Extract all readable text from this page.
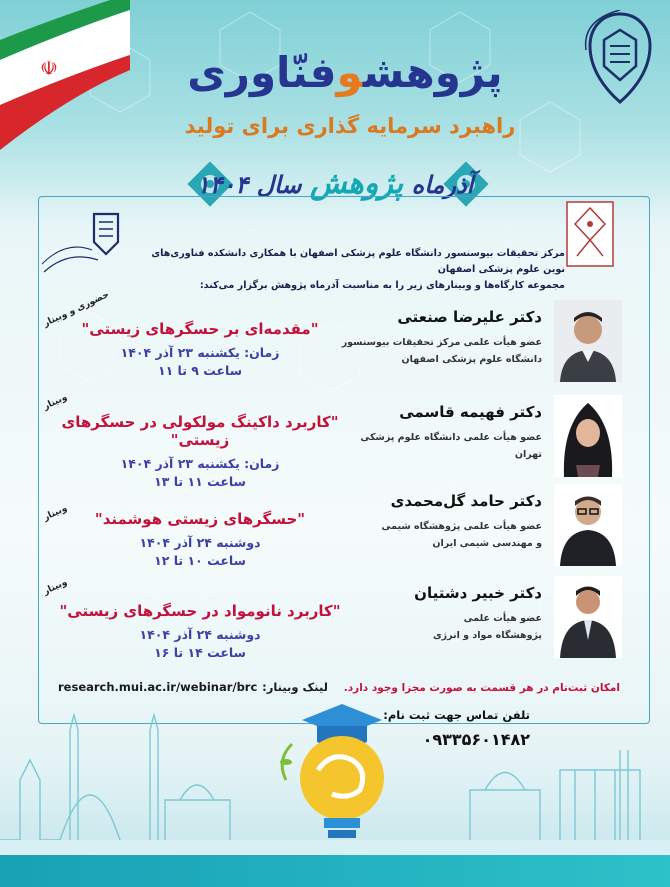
☫	پژوهشوفنّاوری
راهبرد سرمایه گذاری برای تولید
آذرماه پژوهش سال ۱۴۰۴
مرکز تحقیقات بیوسنسور دانشگاه علوم پزشکی اصفهان با همکاری دانشکده فناوری‌های نوین علوم پزشکی اصفهان
مجموعه کارگاه‌ها و وبینارهای زیر را به مناسبت آذرماه پژوهش برگزار می‌کند:
دکتر علیرضا صنعتی
عضو هیأت علمی مرکز تحقیقات بیوسنسور
دانشگاه علوم پزشکی اصفهان
"مقدمه‌ای بر حسگرهای زیستی"
زمان: یکشنبه ۲۳ آذر ۱۴۰۴
ساعت ۹ تا ۱۱
حضوری و وبینار
دکتر فهیمه قاسمی
عضو هیأت علمی دانشگاه علوم پزشکی تهران
"کاربرد داکینگ مولکولی در حسگرهای زیستی"
زمان: یکشنبه ۲۳ آذر ۱۴۰۴
ساعت ۱۱ تا ۱۳
وبینار
دکتر حامد گل‌محمدی
عضو هیأت علمی پژوهشگاه شیمی
و مهندسی شیمی ایران
"حسگرهای زیستی هوشمند"
دوشنبه ۲۴ آذر ۱۴۰۴
ساعت ۱۰ تا ۱۲
وبینار
دکتر خبیر دشتیان
عضو هیأت علمی
پژوهشگاه مواد و انرژی
"کاربرد نانومواد در حسگرهای زیستی"
دوشنبه ۲۴ آذر ۱۴۰۴
ساعت ۱۴ تا ۱۶
وبینار
research.mui.ac.ir/webinar/brc لینک وبینار:	امکان ثبت‌نام در هر قسمت به صورت مجزا وجود دارد.
تلفن تماس جهت ثبت نام:
۰۹۳۳۵۶۰۱۴۸۲
